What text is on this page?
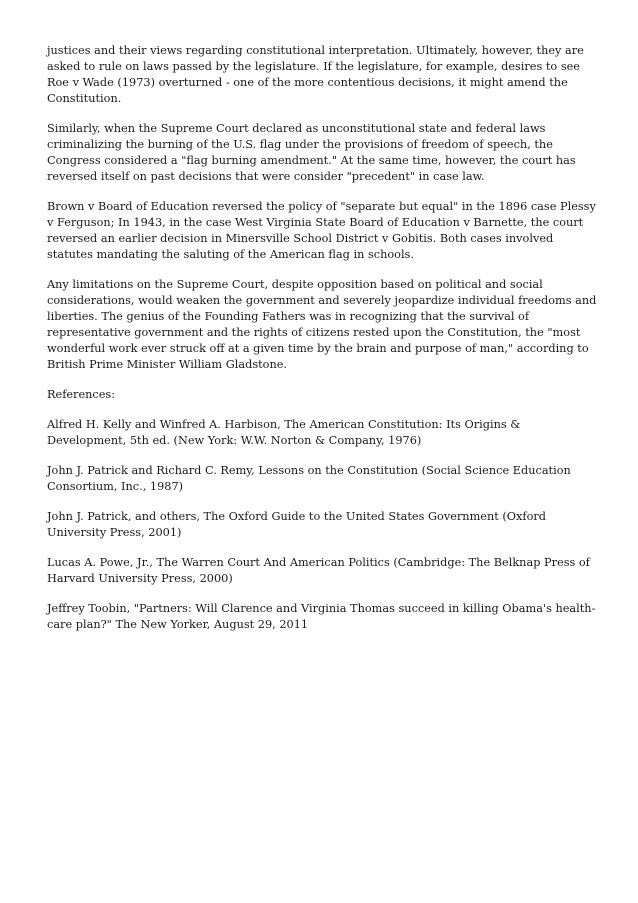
justices and their views regarding constitutional interpretation. Ultimately, however, they are asked to rule on laws passed by the legislature. If the legislature, for example, desires to see Roe v Wade (1973) overturned - one of the more contentious decisions, it might amend the Constitution.

Similarly, when the Supreme Court declared as unconstitutional state and federal laws criminalizing the burning of the U.S. flag under the provisions of freedom of speech, the Congress considered a "flag burning amendment." At the same time, however, the court has reversed itself on past decisions that were consider "precedent" in case law.

Brown v Board of Education reversed the policy of "separate but equal" in the 1896 case Plessy v Ferguson; In 1943, in the case West Virginia State Board of Education v Barnette, the court reversed an earlier decision in Minersville School District v Gobitis. Both cases involved statutes mandating the saluting of the American flag in schools.

Any limitations on the Supreme Court, despite opposition based on political and social considerations, would weaken the government and severely jeopardize individual freedoms and liberties. The genius of the Founding Fathers was in recognizing that the survival of representative government and the rights of citizens rested upon the Constitution, the "most wonderful work ever struck off at a given time by the brain and purpose of man," according to British Prime Minister William Gladstone.

References:

Alfred H. Kelly and Winfred A. Harbison, The American Constitution: Its Origins & Development, 5th ed. (New York: W.W. Norton & Company, 1976)

John J. Patrick and Richard C. Remy, Lessons on the Constitution (Social Science Education Consortium, Inc., 1987)

John J. Patrick, and others, The Oxford Guide to the United States Government (Oxford University Press, 2001)

Lucas A. Powe, Jr., The Warren Court And American Politics (Cambridge: The Belknap Press of Harvard University Press, 2000)

Jeffrey Toobin, "Partners: Will Clarence and Virginia Thomas succeed in killing Obama's health-care plan?" The New Yorker, August 29, 2011
